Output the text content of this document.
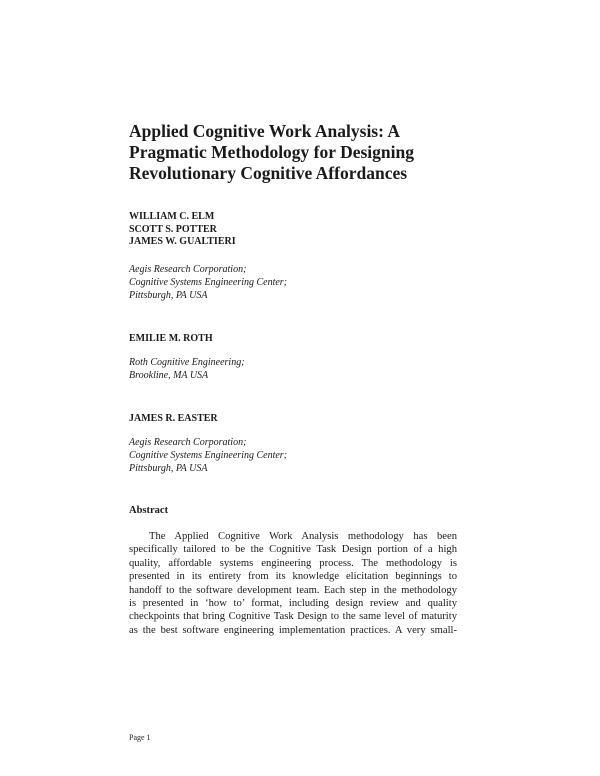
Applied Cognitive Work Analysis: A
Pragmatic Methodology for Designing
Revolutionary Cognitive Affordances
WILLIAM C. ELM
SCOTT S. POTTER
JAMES W. GUALTIERI
Aegis Research Corporation;
Cognitive Systems Engineering Center;
Pittsburgh, PA USA
EMILIE M. ROTH
Roth Cognitive Engineering;
Brookline, MA USA
JAMES R. EASTER
Aegis Research Corporation;
Cognitive Systems Engineering Center;
Pittsburgh, PA USA
Abstract
The Applied Cognitive Work Analysis methodology has been
specifically tailored to be the Cognitive Task Design portion of a high
quality, affordable systems engineering process. The methodology is
presented in its entirety from its knowledge elicitation beginnings to
handoff to the software development team. Each step in the methodology
is presented in ‘how to’ format, including design review and quality
checkpoints that bring Cognitive Task Design to the same level of maturity
as the best software engineering implementation practices. A very small-
Page 1
